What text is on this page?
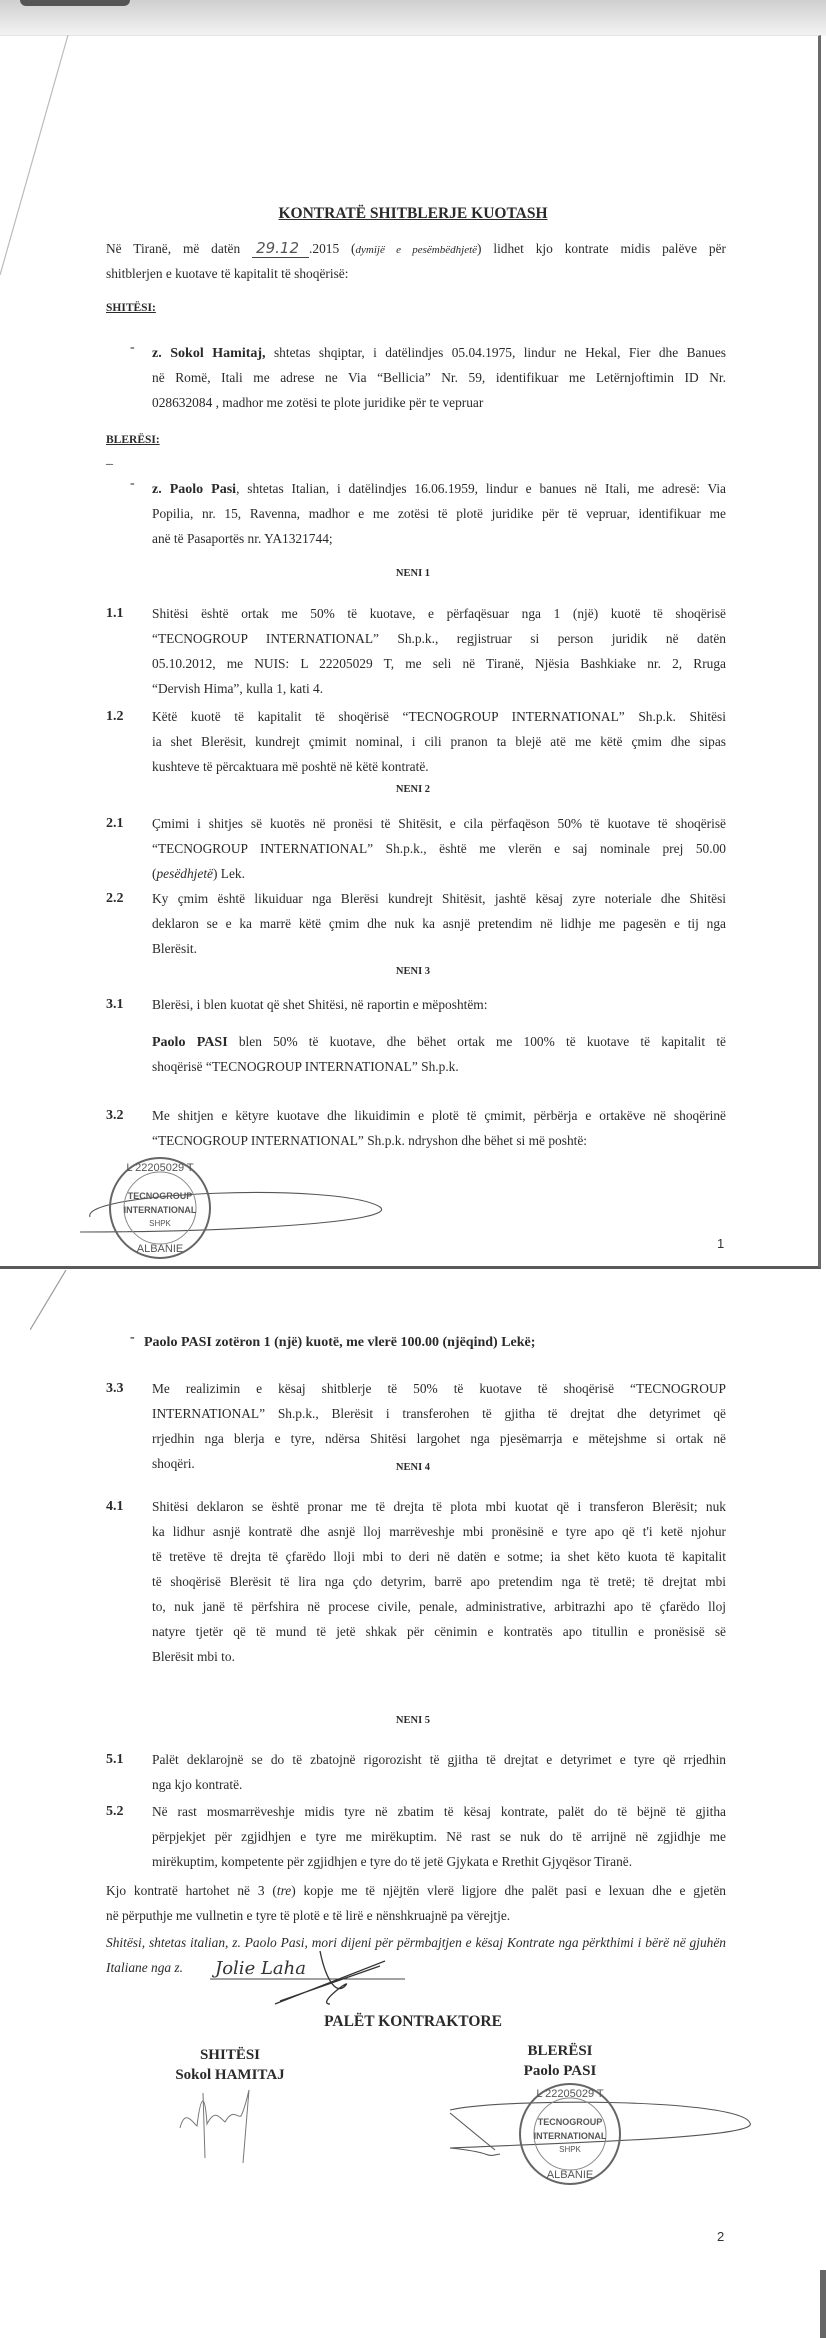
KONTRATË SHITBLERJE KUOTASH
Në Tiranë, më datën 29.12 .2015 (dymijë e pesëmbëdhjetë) lidhet kjo kontrate midis palëve për
shitblerjen e kuotave të kapitalit të shoqërisë:
SHITËSI:
- z. Sokol Hamitaj, shtetas shqiptar, i datëlindjes 05.04.1975, lindur ne Hekal, Fier dhe Banues
në Romë, Itali me adrese ne Via “Bellicia” Nr. 59, identifikuar me Letërnjoftimin ID Nr.
028632084 , madhor me zotësi te plote juridike për te vepruar
BLERËSI:
_
- z. Paolo Pasi, shtetas Italian, i datëlindjes 16.06.1959, lindur e banues në Itali, me adresë: Via
Popilia, nr. 15, Ravenna, madhor e me zotësi të plotë juridike për të vepruar, identifikuar me
anë të Pasaportës nr. YA1321744;
NENI 1
1.1 Shitësi është ortak me 50% të kuotave, e përfaqësuar nga 1 (një) kuotë të shoqërisë
“TECNOGROUP INTERNATIONAL” Sh.p.k., regjistruar si person juridik në datën
05.10.2012, me NUIS: L 22205029 T, me seli në Tiranë, Njësia Bashkiake nr. 2, Rruga
“Dervish Hima”, kulla 1, kati 4.
1.2 Këtë kuotë të kapitalit të shoqërisë “TECNOGROUP INTERNATIONAL” Sh.p.k. Shitësi
ia shet Blerësit, kundrejt çmimit nominal, i cili pranon ta blejë atë me këtë çmim dhe sipas
kushteve të përcaktuara më poshtë në këtë kontratë.
NENI 2
2.1 Çmimi i shitjes së kuotës në pronësi të Shitësit, e cila përfaqëson 50% të kuotave të shoqërisë
“TECNOGROUP INTERNATIONAL” Sh.p.k., është me vlerën e saj nominale prej 50.00
(pesëdhjetë) Lek.
2.2 Ky çmim është likuiduar nga Blerësi kundrejt Shitësit, jashtë kësaj zyre noteriale dhe Shitësi
deklaron se e ka marrë këtë çmim dhe nuk ka asnjë pretendim në lidhje me pagesën e tij nga
Blerësit.
NENI 3
3.1 Blerësi, i blen kuotat që shet Shitësi, në raportin e mëposhtëm:
Paolo PASI blen 50% të kuotave, dhe bëhet ortak me 100% të kuotave të kapitalit të
shoqërisë “TECNOGROUP INTERNATIONAL” Sh.p.k.
3.2 Me shitjen e këtyre kuotave dhe likuidimin e plotë të çmimit, përbërja e ortakëve në shoqërinë
“TECNOGROUP INTERNATIONAL” Sh.p.k. ndryshon dhe bëhet si më poshtë:
L 22205029 T
TECNOGROUP
INTERNATIONAL
SHPK
ALBANIE	1
- Paolo PASI zotëron 1 (një) kuotë, me vlerë 100.00 (njëqind) Lekë;
3.3 Me realizimin e kësaj shitblerje të 50% të kuotave të shoqërisë “TECNOGROUP
INTERNATIONAL” Sh.p.k., Blerësit i transferohen të gjitha të drejtat dhe detyrimet që
rrjedhin nga blerja e tyre, ndërsa Shitësi largohet nga pjesëmarrja e mëtejshme si ortak në
shoqëri.	NENI 4
4.1 Shitësi deklaron se është pronar me të drejta të plota mbi kuotat që i transferon Blerësit; nuk
ka lidhur asnjë kontratë dhe asnjë lloj marrëveshje mbi pronësinë e tyre apo që t'i ketë njohur
të tretëve të drejta të çfarëdo lloji mbi to deri në datën e sotme; ia shet këto kuota të kapitalit
të shoqërisë Blerësit të lira nga çdo detyrim, barrë apo pretendim nga të tretë; të drejtat mbi
to, nuk janë të përfshira në procese civile, penale, administrative, arbitrazhi apo të çfarëdo lloj
natyre tjetër që të mund të jetë shkak për cënimin e kontratës apo titullin e pronësisë së
Blerësit mbi to.
NENI 5
5.1 Palët deklarojnë se do të zbatojnë rigorozisht të gjitha të drejtat e detyrimet e tyre që rrjedhin
nga kjo kontratë.
5.2 Në rast mosmarrëveshje midis tyre në zbatim të kësaj kontrate, palët do të bëjnë të gjitha
përpjekjet për zgjidhjen e tyre me mirëkuptim. Në rast se nuk do të arrijnë në zgjidhje me
mirëkuptim, kompetente për zgjidhjen e tyre do të jetë Gjykata e Rrethit Gjyqësor Tiranë.
Kjo kontratë hartohet në 3 (tre) kopje me të njëjtën vlerë ligjore dhe palët pasi e lexuan dhe e gjetën
në përputhje me vullnetin e tyre të plotë e të lirë e nënshkruajnë pa vërejtje.
Shitësi, shtetas italian, z. Paolo Pasi, mori dijeni për përmbajtjen e kësaj Kontrate nga përkthimi i bërë në gjuhën
Italiane nga z.	Jolie Laha
PALËT KONTRAKTORE
SHITËSI
Sokol HAMITAJ
BLERËSI
Paolo PASI
L 22205029 T
TECNOGROUP
INTERNATIONAL
SHPK
ALBANIE
2
